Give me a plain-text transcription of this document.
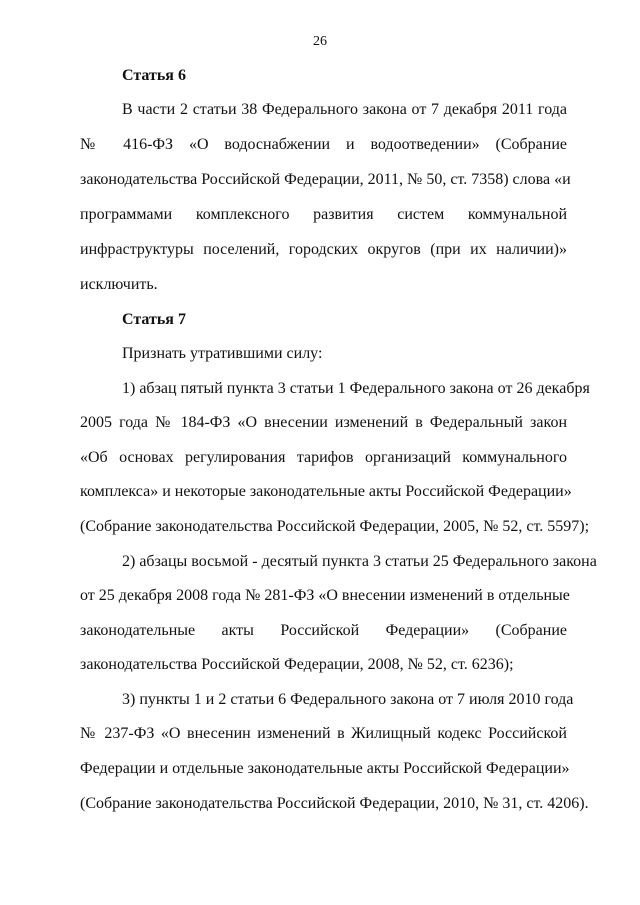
26
Статья 6
В части 2 статьи 38 Федерального закона от 7 декабря 2011 года
№ 416-ФЗ «О водоснабжении и водоотведении» (Собрание
законодательства Российской Федерации, 2011, № 50, ст. 7358) слова «и
программами комплексного развития систем коммунальной
инфраструктуры поселений, городских округов (при их наличии)»
исключить.
Статья 7
Признать утратившими силу:
1) абзац пятый пункта 3 статьи 1 Федерального закона от 26 декабря
2005 года № 184-ФЗ «О внесении изменений в Федеральный закон
«Об основах регулирования тарифов организаций коммунального
комплекса» и некоторые законодательные акты Российской Федерации»
(Собрание законодательства Российской Федерации, 2005, № 52, ст. 5597);
2) абзацы восьмой - десятый пункта 3 статьи 25 Федерального закона
от 25 декабря 2008 года № 281-ФЗ «О внесении изменений в отдельные
законодательные акты Российской Федерации» (Собрание
законодательства Российской Федерации, 2008, № 52, ст. 6236);
3) пункты 1 и 2 статьи 6 Федерального закона от 7 июля 2010 года
№ 237-ФЗ «О внесенин изменений в Жилищный кодекс Российской
Федерации и отдельные законодательные акты Российской Федерации»
(Собрание законодательства Российской Федерации, 2010, № 31, ст. 4206).
